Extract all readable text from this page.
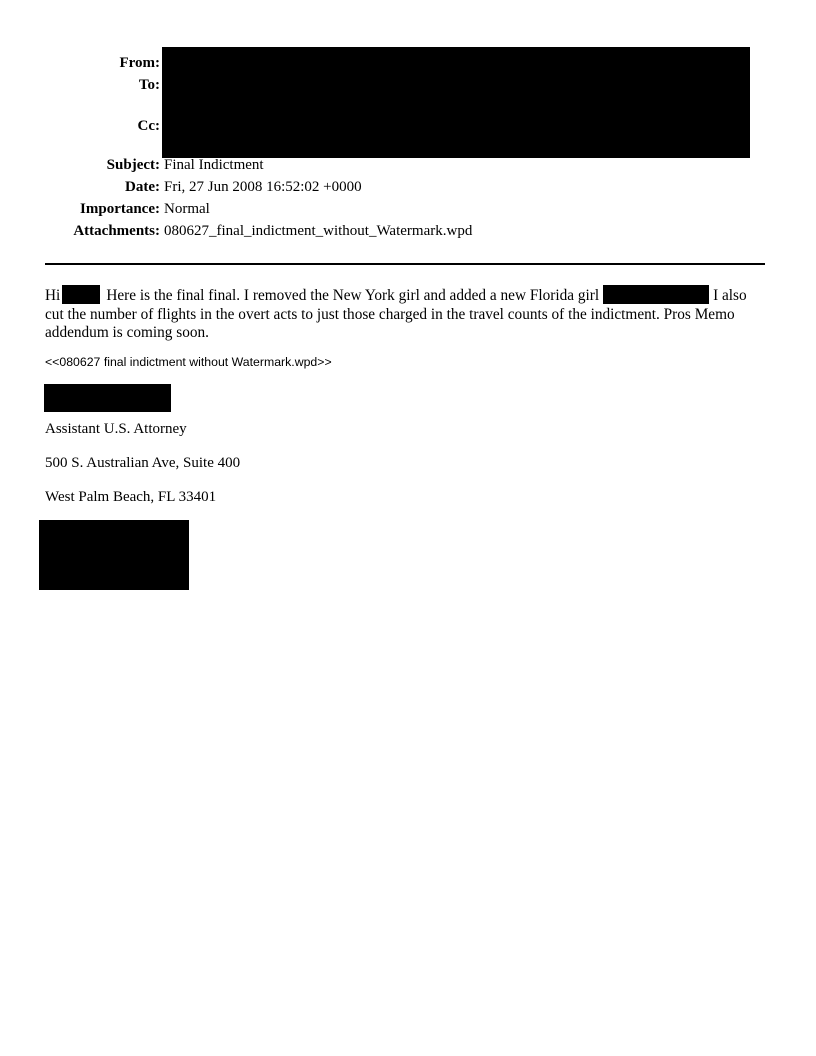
From:
To:
Cc:
Subject: Final Indictment
Date: Fri, 27 Jun 2008 16:52:02 +0000
Importance: Normal
Attachments: 080627_final_indictment_without_Watermark.wpd
Hi	Here is the final final. I removed the New York girl and added a new Florida girl	I also cut the number of flights in the overt acts to just those charged in the travel counts of the indictment. Pros Memo addendum is coming soon.
<<080627 final indictment without Watermark.wpd>>
Assistant U.S. Attorney
500 S. Australian Ave, Suite 400
West Palm Beach, FL 33401
